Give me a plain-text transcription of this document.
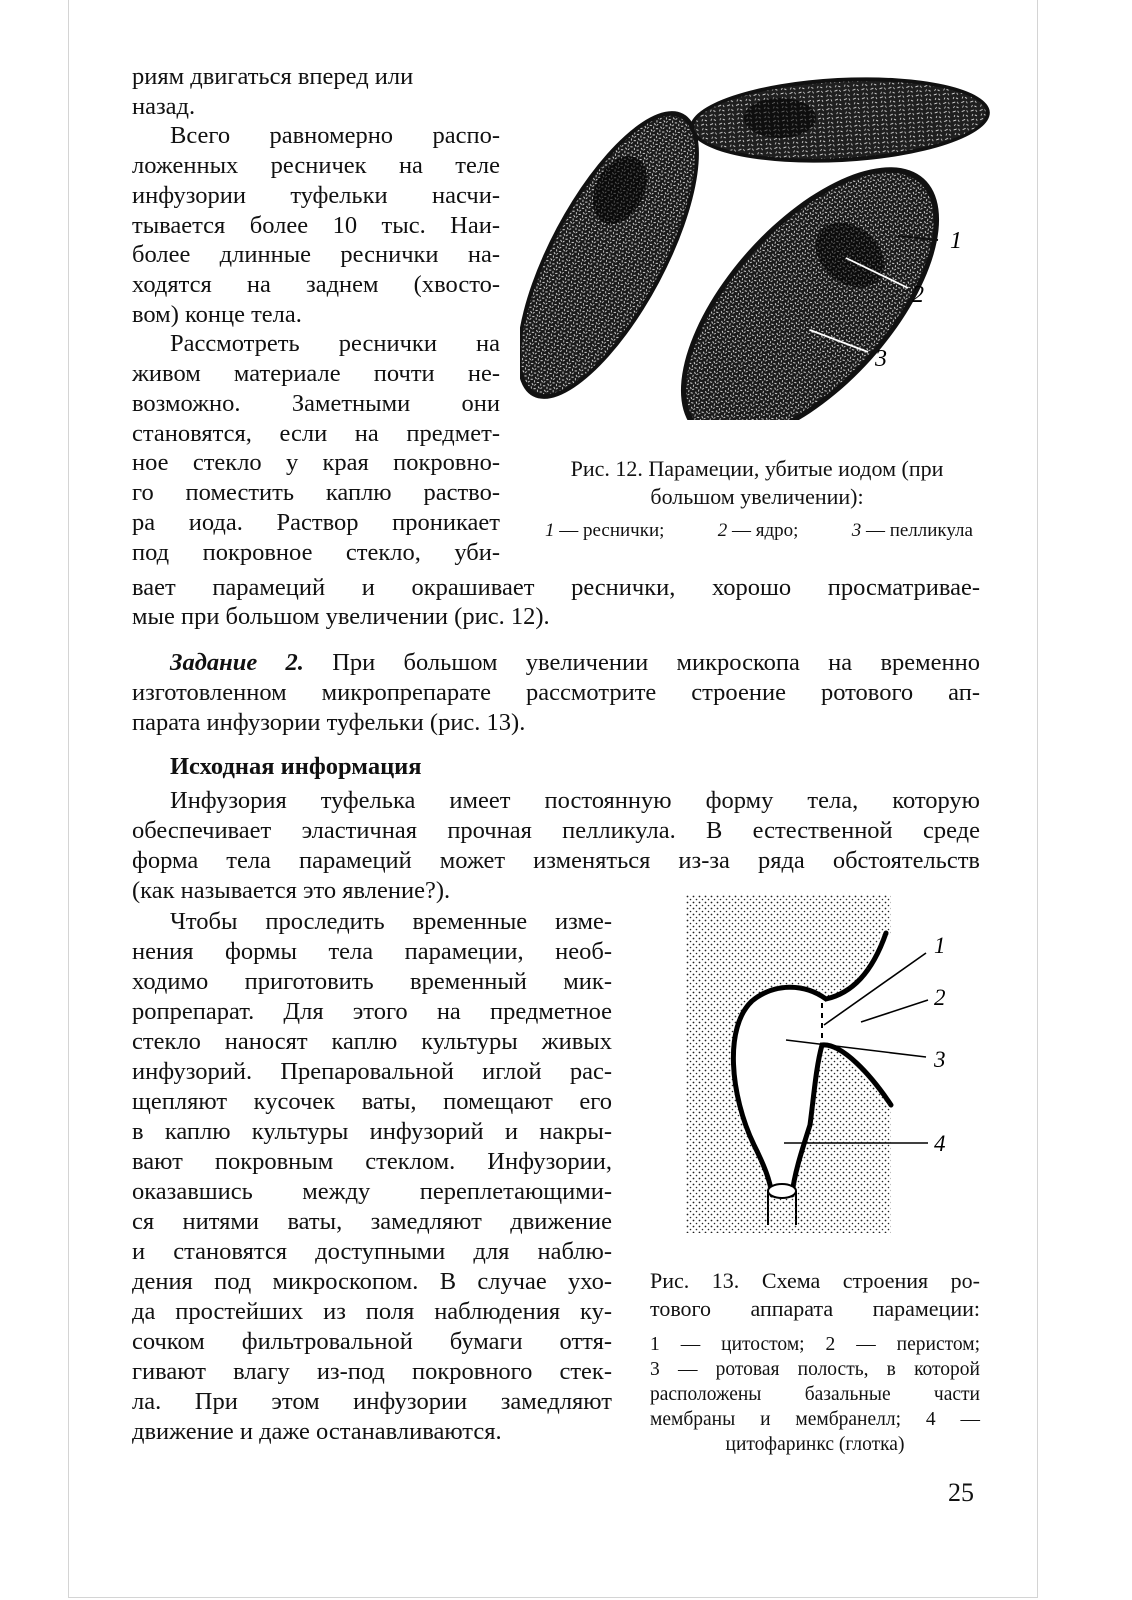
риям двигаться вперед или
назад.
Всего равномерно распо-
ложенных ресничек на теле
инфузории туфельки насчи-
тывается более 10 тыс. Наи-
более длинные реснички на-
ходятся на заднем (хвосто-
вом) конце тела.
Рассмотреть реснички на
живом материале почти не-
возможно. Заметными они
становятся, если на предмет-
ное стекло у края покровно-
го поместить каплю раство-
ра иода. Раствор проникает
под покровное стекло, уби-
1
2
3
Рис. 12. Парамеции, убитые иодом (при
большом увеличении):
1 — реснички;	2 — ядро;	3 — пелликула
вает парамеций и окрашивает реснички, хорошо просматривае-
мые при большом увеличении (рис. 12).
Задание 2. При большом увеличении микроскопа на временно
изготовленном микропрепарате рассмотрите строение ротового ап-
парата инфузории туфельки (рис. 13).
Исходная информация
Инфузория туфелька имеет постоянную форму тела, которую
обеспечивает эластичная прочная пелликула. В естественной среде
форма тела парамеций может изменяться из-за ряда обстоятельств
(как называется это явление?).
Чтобы проследить временные изме-
нения формы тела парамеции, необ-
ходимо приготовить временный мик-
ропрепарат. Для этого на предметное
стекло наносят каплю культуры живых
инфузорий. Препаровальной иглой рас-
щепляют кусочек ваты, помещают его
в каплю культуры инфузорий и накры-
вают покровным стеклом. Инфузории,
оказавшись между переплетающими-
ся нитями ваты, замедляют движение
и становятся доступными для наблю-
дения под микроскопом. В случае ухо-
да простейших из поля наблюдения ку-
сочком фильтровальной бумаги оття-
гивают влагу из-под покровного стек-
ла. При этом инфузории замедляют
движение и даже останавливаются.
1
2
3
4
Рис. 13. Схема строения ро-
тового аппарата парамеции:
1 — цитостом; 2 — перистом;
3 — ротовая полость, в которой
расположены базальные части
мембраны и мембранелл; 4 —
цитофаринкс (глотка)
25
